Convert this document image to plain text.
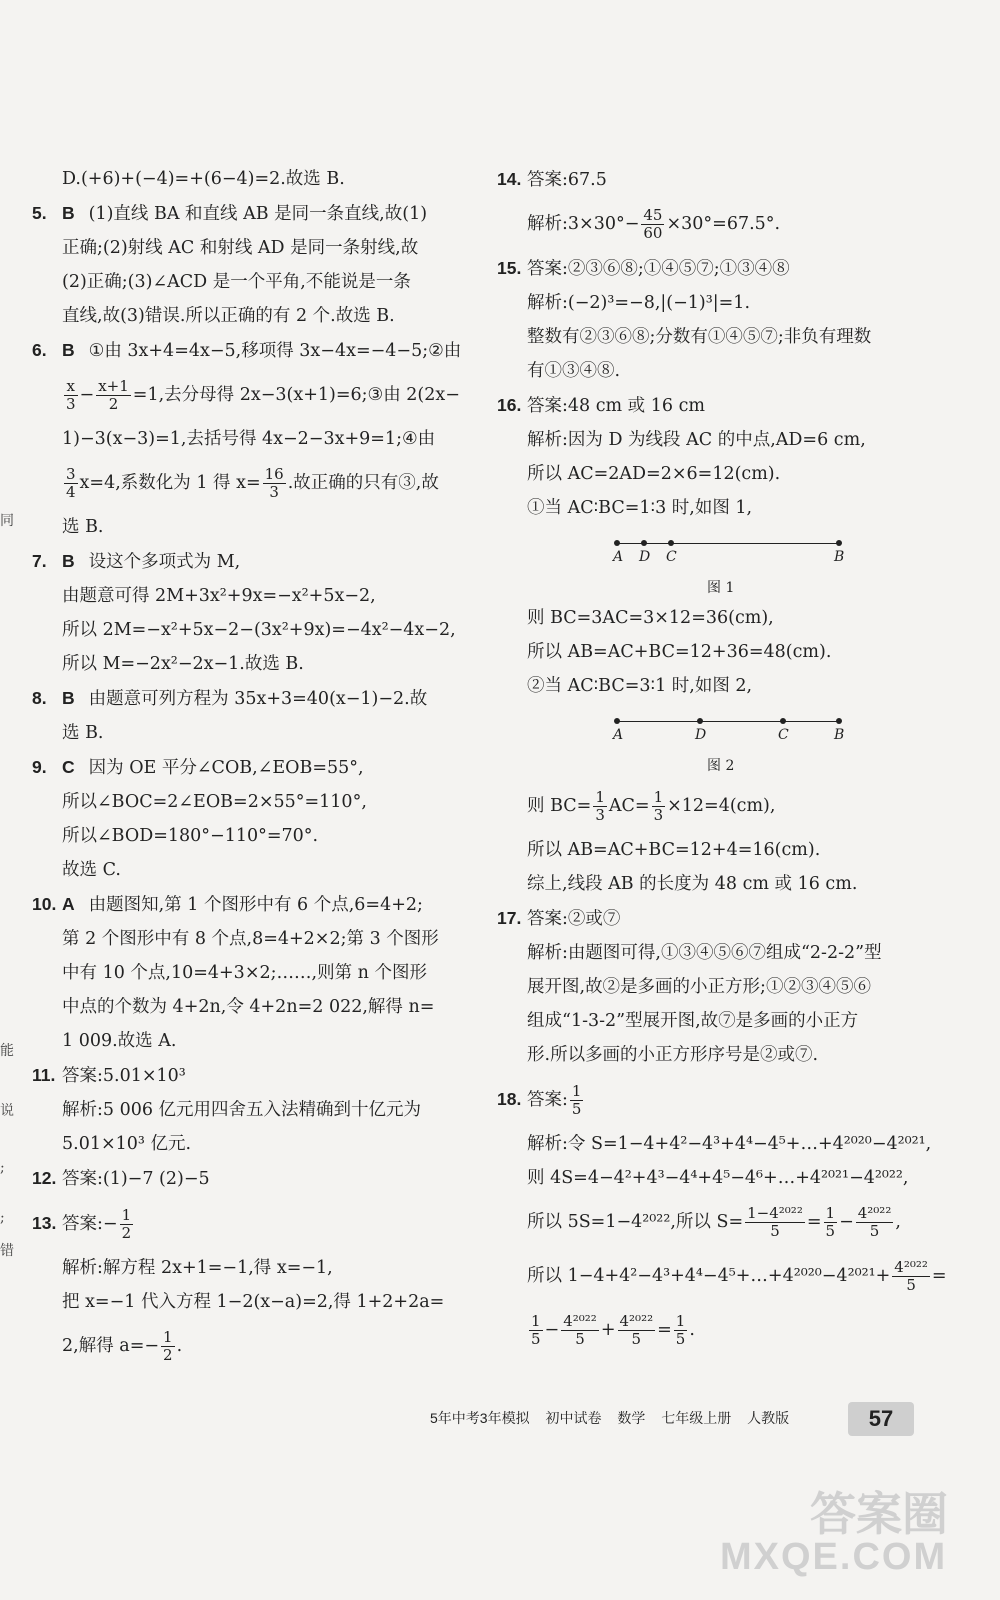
D.(+6)+(−4)=+(6−4)=2.故选 B.
5. B (1)直线 BA 和直线 AB 是同一条直线,故(1)
正确;(2)射线 AC 和射线 AD 是同一条射线,故
(2)正确;(3)∠ACD 是一个平角,不能说是一条
直线,故(3)错误.所以正确的有 2 个.故选 B.
6. B ①由 3x+4=4x−5,移项得 3x−4x=−4−5;②由
$\frac{x}{3} - \frac{x+1}{2} =1$,去分母得 2x−3(x+1)=6;③由 2(2x−
1)−3(x−3)=1,去括号得 4x−2−3x+9=1;④由
$\frac{3}{4} x=4$,系数化为 1 得 $x= \frac{16}{3}$ .故正确的只有③,故
选 B.
7. B 设这个多项式为 M,
由题意可得 2M+3x²+9x=−x²+5x−2,
所以 2M=−x²+5x−2−(3x²+9x)=−4x²−4x−2,
所以 M=−2x²−2x−1.故选 B.
8. B 由题意可列方程为 35x+3=40(x−1)−2.故
选 B.
9. C 因为 OE 平分∠COB,∠EOB=55°,
所以∠BOC=2∠EOB=2×55°=110°,
所以∠BOD=180°−110°=70°.
故选 C.
10. A 由题图知,第 1 个图形中有 6 个点,6=4+2;
第 2 个图形中有 8 个点,8=4+2×2;第 3 个图形
中有 10 个点,10=4+3×2;……,则第 n 个图形
中点的个数为 4+2n,令 4+2n=2 022,解得 n=
1 009.故选 A.
11. 答案:5.01×10³
解析:5 006 亿元用四舍五入法精确到十亿元为
5.01×10³ 亿元.
12. 答案:(1)−7 (2)−5
13. 答案:− $\frac{1}{2}$
解析:解方程 2x+1=−1,得 x=−1,
把 x=−1 代入方程 1−2(x−a)=2,得 1+2+2a=
2,解得 $a=- \frac{1}{2}$ .
14. 答案:67.5
解析:3×30°− $\frac{45}{60} \times 30^\circ=67.5^\circ$.
15. 答案:②③⑥⑧;①④⑤⑦;①③④⑧
解析:(−2)³=−8,|(−1)³|=1.
整数有②③⑥⑧;分数有①④⑤⑦;非负有理数
有①③④⑧.
16. 答案:48 cm 或 16 cm
解析:因为 D 为线段 AC 的中点,AD=6 cm,
所以 AC=2AD=2×6=12(cm).
①当 AC∶BC=1∶3 时,如图 1,
A D C	B
图 1
则 BC=3AC=3×12=36(cm),
所以 AB=AC+BC=12+36=48(cm).
②当 AC∶BC=3∶1 时,如图 2,
A	D	C	B
图 2
则 $BC= \frac{1}{3} AC= \frac{1}{3} \times 12=4(cm)$,
所以 AB=AC+BC=12+4=16(cm).
综上,线段 AB 的长度为 48 cm 或 16 cm.
17. 答案:②或⑦
解析:由题图可得,①③④⑤⑥⑦组成“2-2-2”型
展开图,故②是多画的小正方形;①②③④⑤⑥
组成“1-3-2”型展开图,故⑦是多画的小正方
形.所以多画的小正方形序号是②或⑦.
18. 答案: $\frac{1}{5}$
解析:令 S=1−4+4²−4³+4⁴−4⁵+…+4²⁰²⁰−4²⁰²¹,
则 4S=4−4²+4³−4⁴+4⁵−4⁶+…+4²⁰²¹−4²⁰²²,
所以 5S=1−4²⁰²²,所以 $S= \frac{\text{1−4²⁰²²}}{5} = \frac{1}{5} - \frac{\text{4²⁰²²}}{5}$ ,
所以 1−4+4²−4³+4⁴−4⁵+…+4²⁰²⁰−4²⁰²¹+ $\frac{\text{4²⁰²²}}{5}$ =
$\frac{1}{5} - \frac{\text{4²⁰²²}}{5} + \frac{\text{4²⁰²²}}{5} = \frac{1}{5}$ .
同
能
说
;
;
错
5年中考3年模拟 初中试卷 数学 七年级上册 人教版	57
答案圈
MXQE.COM
